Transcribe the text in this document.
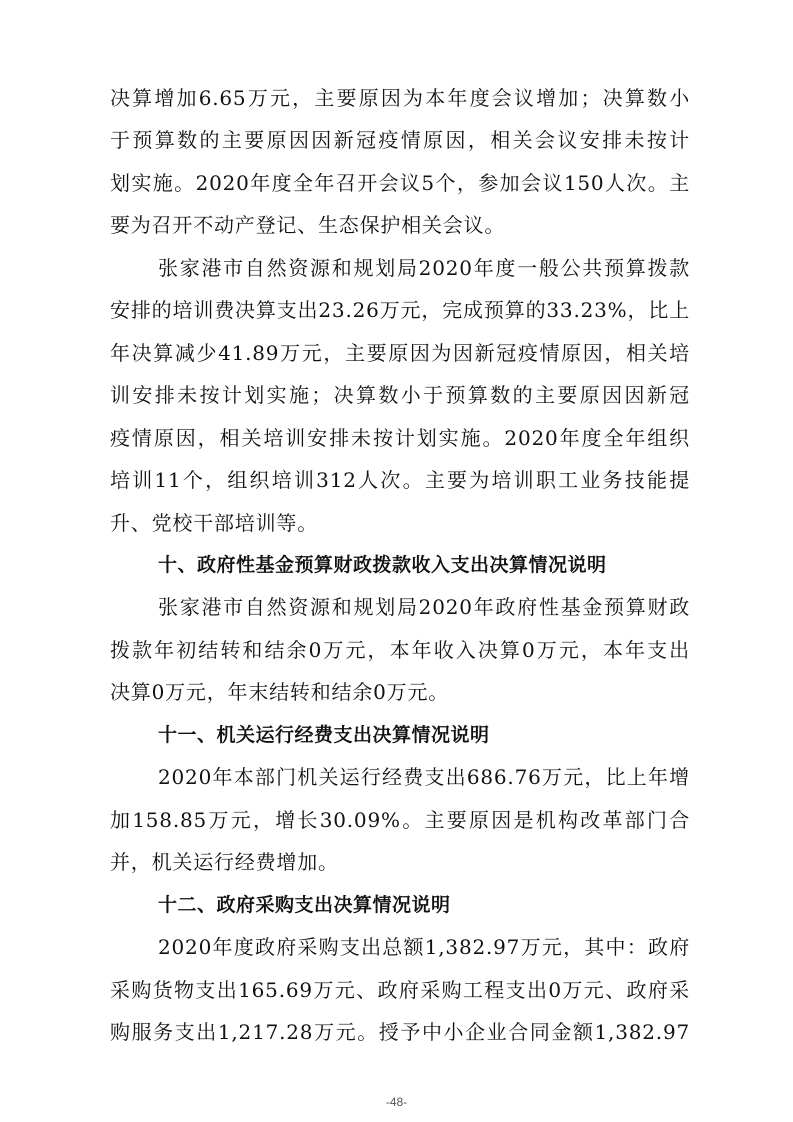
决算增加6.65万元，主要原因为本年度会议增加；决算数小
于预算数的主要原因因新冠疫情原因，相关会议安排未按计
划实施。2020年度全年召开会议5个，参加会议150人次。主
要为召开不动产登记、生态保护相关会议。
张家港市自然资源和规划局2020年度一般公共预算拨款
安排的培训费决算支出23.26万元，完成预算的33.23%，比上
年决算减少41.89万元，主要原因为因新冠疫情原因，相关培
训安排未按计划实施；决算数小于预算数的主要原因因新冠
疫情原因，相关培训安排未按计划实施。2020年度全年组织
培训11个，组织培训312人次。主要为培训职工业务技能提
升、党校干部培训等。
十、政府性基金预算财政拨款收入支出决算情况说明
张家港市自然资源和规划局2020年政府性基金预算财政
拨款年初结转和结余0万元，本年收入决算0万元，本年支出
决算0万元，年末结转和结余0万元。
十一、机关运行经费支出决算情况说明
2020年本部门机关运行经费支出686.76万元，比上年增
加158.85万元，增长30.09%。主要原因是机构改革部门合
并，机关运行经费增加。
十二、政府采购支出决算情况说明
2020年度政府采购支出总额1,382.97万元，其中：政府
采购货物支出165.69万元、政府采购工程支出0万元、政府采
购服务支出1,217.28万元。授予中小企业合同金额1,382.97
-48-
